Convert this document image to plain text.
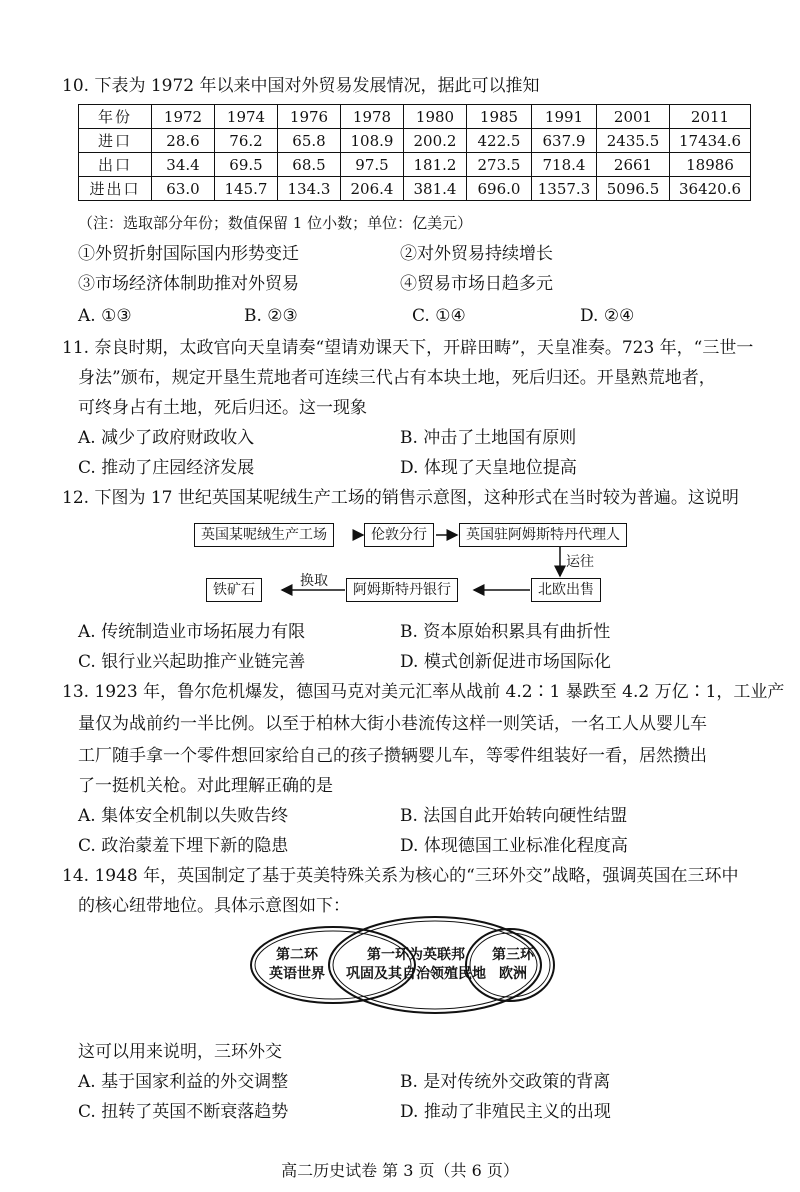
10. 下表为 1972 年以来中国对外贸易发展情况，据此可以推知
年份	1972	1974	1976	1978	1980	1985	1991	2001	2011
进口	28.6	76.2	65.8	108.9	200.2	422.5	637.9	2435.5	17434.6
出口	34.4	69.5	68.5	97.5	181.2	273.5	718.4	2661	18986
进出口	63.0	145.7	134.3	206.4	381.4	696.0	1357.3	5096.5	36420.6
（注：选取部分年份；数值保留 1 位小数；单位：亿美元）
①外贸折射国际国内形势变迁	②对外贸易持续增长
③市场经济体制助推对外贸易	④贸易市场日趋多元
A. ①③	B. ②③	C. ①④	D. ②④
11. 奈良时期，太政官向天皇请奏“望请劝课天下，开辟田畴”，天皇准奏。723 年，“三世一
身法”颁布，规定开垦生荒地者可连续三代占有本块土地，死后归还。开垦熟荒地者，
可终身占有土地，死后归还。这一现象
A. 减少了政府财政收入	B. 冲击了土地国有原则
C. 推动了庄园经济发展	D. 体现了天皇地位提高
12. 下图为 17 世纪英国某呢绒生产工场的销售示意图，这种形式在当时较为普遍。这说明
英国某呢绒生产工场	伦敦分行	英国驻阿姆斯特丹代理人
运往
北欧出售
阿姆斯特丹银行
换取
铁矿石
A. 传统制造业市场拓展力有限	B. 资本原始积累具有曲折性
C. 银行业兴起助推产业链完善	D. 模式创新促进市场国际化
13. 1923 年，鲁尔危机爆发，德国马克对美元汇率从战前 4.2∶1 暴跌至 4.2 万亿∶1，工业产
量仅为战前约一半比例。以至于柏林大街小巷流传这样一则笑话，一名工人从婴儿车
工厂随手拿一个零件想回家给自己的孩子攒辆婴儿车，等零件组装好一看，居然攒出
了一挺机关枪。对此理解正确的是
A. 集体安全机制以失败告终	B. 法国自此开始转向硬性结盟
C. 政治蒙羞下埋下新的隐患	D. 体现德国工业标准化程度高
14. 1948 年，英国制定了基于英美特殊关系为核心的“三环外交”战略，强调英国在三环中
的核心纽带地位。具体示意图如下：
第二环
英语世界
第一环为英联邦
巩固及其自治领殖民地
第三环
欧洲
这可以用来说明，三环外交
A. 基于国家利益的外交调整	B. 是对传统外交政策的背离
C. 扭转了英国不断衰落趋势	D. 推动了非殖民主义的出现
高二历史试卷 第 3 页（共 6 页）
